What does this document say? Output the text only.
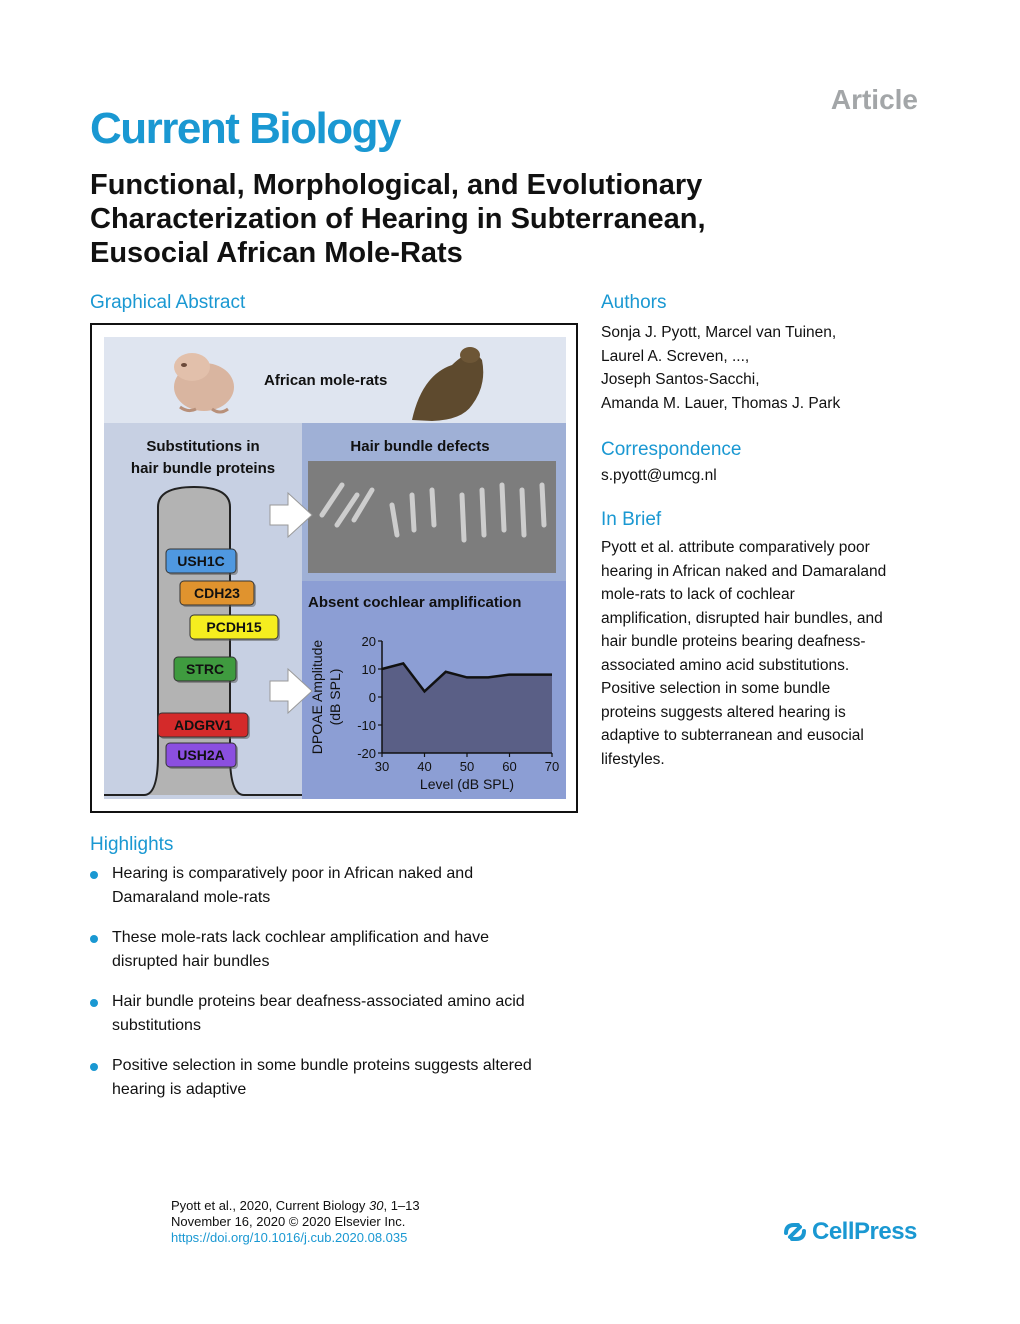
Article
Current Biology
Functional, Morphological, and Evolutionary
Characterization of Hearing in Subterranean,
Eusocial African Mole-Rats
Graphical Abstract
African mole-rats
Substitutions in
hair bundle proteins
Hair bundle defects
Absent cochlear amplification
USH1C
CDH23
PCDH15
STRC
ADGRV1
USH2A
20
10
0
-10
-20
30 40 50 60 70
Level (dB SPL)
DPOAE Amplitude (dB SPL)
Authors
Sonja J. Pyott, Marcel van Tuinen,
Laurel A. Screven, ...,
Joseph Santos-Sacchi,
Amanda M. Lauer, Thomas J. Park
Correspondence
s.pyott@umcg.nl
In Brief
Pyott et al. attribute comparatively poor
hearing in African naked and Damaraland
mole-rats to lack of cochlear
amplification, disrupted hair bundles, and
hair bundle proteins bearing deafness-
associated amino acid substitutions.
Positive selection in some bundle
proteins suggests altered hearing is
adaptive to subterranean and eusocial
lifestyles.
Highlights
Hearing is comparatively poor in African naked and
Damaraland mole-rats
These mole-rats lack cochlear amplification and have
disrupted hair bundles
Hair bundle proteins bear deafness-associated amino acid
substitutions
Positive selection in some bundle proteins suggests altered
hearing is adaptive
Pyott et al., 2020, Current Biology 30, 1–13
November 16, 2020 © 2020 Elsevier Inc.
https://doi.org/10.1016/j.cub.2020.08.035	CellPress
